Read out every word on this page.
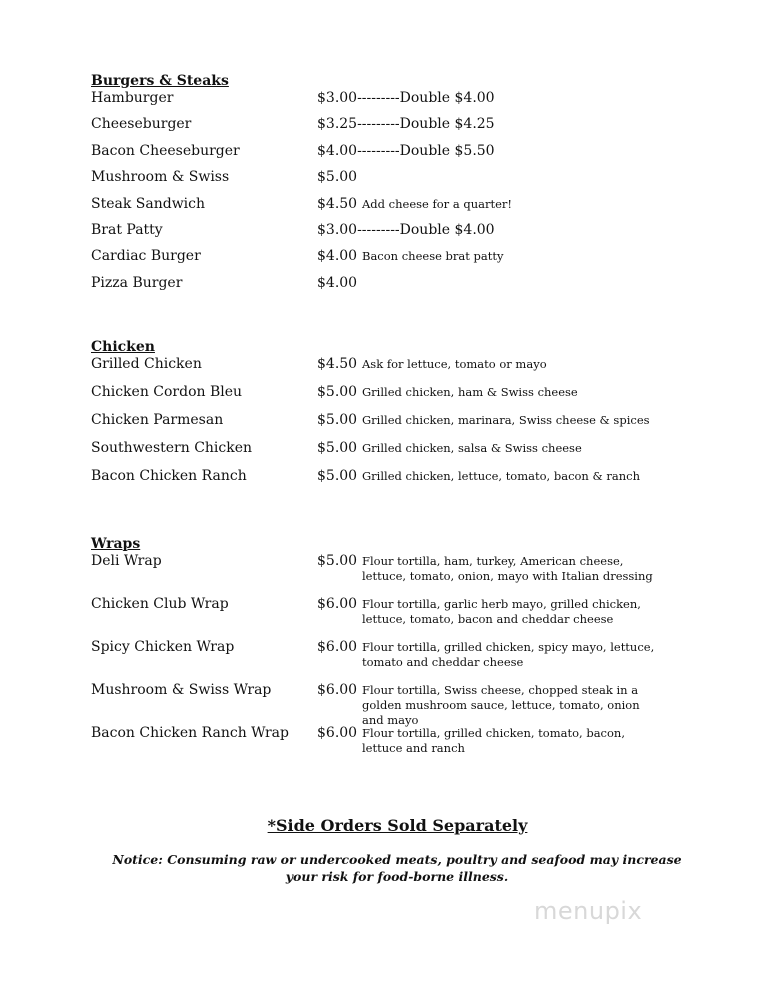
Burgers & Steaks
Hamburger	$3.00---------Double $4.00
Cheeseburger	$3.25---------Double $4.25
Bacon Cheeseburger	$4.00---------Double $5.50
Mushroom & Swiss	$5.00
Steak Sandwich	$4.50 Add cheese for a quarter!
Brat Patty	$3.00---------Double $4.00
Cardiac Burger	$4.00 Bacon cheese brat patty
Pizza Burger	$4.00
Chicken
Grilled Chicken	$4.50 Ask for lettuce, tomato or mayo
Chicken Cordon Bleu	$5.00 Grilled chicken, ham & Swiss cheese
Chicken Parmesan	$5.00 Grilled chicken, marinara, Swiss cheese & spices
Southwestern Chicken	$5.00 Grilled chicken, salsa & Swiss cheese
Bacon Chicken Ranch	$5.00 Grilled chicken, lettuce, tomato, bacon & ranch
Wraps
Deli Wrap	$5.00 Flour tortilla, ham, turkey, American cheese, lettuce, tomato, onion, mayo with Italian dressing
Chicken Club Wrap	$6.00 Flour tortilla, garlic herb mayo, grilled chicken, lettuce, tomato, bacon and cheddar cheese
Spicy Chicken Wrap	$6.00 Flour tortilla, grilled chicken, spicy mayo, lettuce, tomato and cheddar cheese
Mushroom & Swiss Wrap	$6.00 Flour tortilla, Swiss cheese, chopped steak in a golden mushroom sauce, lettuce, tomato, onion and mayo
Bacon Chicken Ranch Wrap $6.00 Flour tortilla, grilled chicken, tomato, bacon, lettuce and ranch
*Side Orders Sold Separately
Notice: Consuming raw or undercooked meats, poultry and seafood may increase your risk for food-borne illness.
menupix
